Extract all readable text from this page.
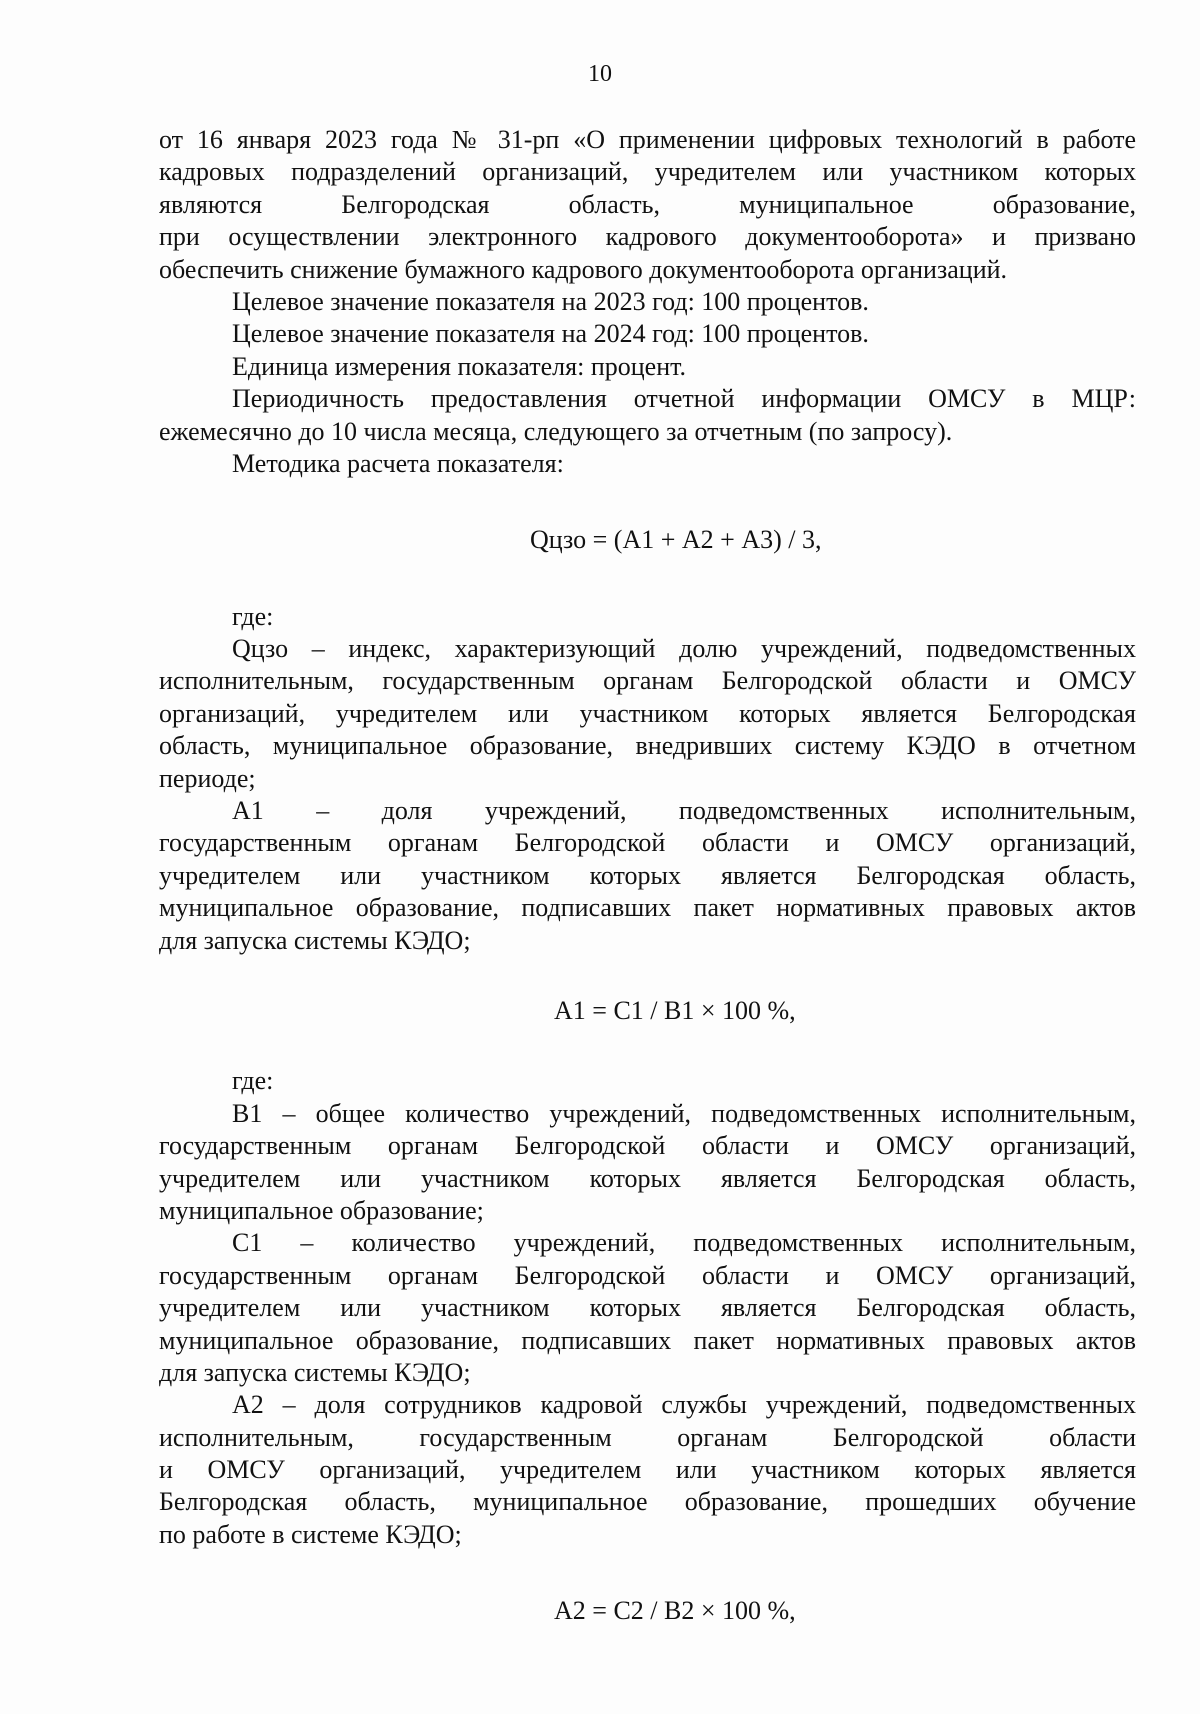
10
от 16 января 2023 года № 31-рп «О применении цифровых технологий в работе
кадровых подразделений организаций, учредителем или участником которых
являются Белгородская область, муниципальное образование,
при осуществлении электронного кадрового документооборота» и призвано
обеспечить снижение бумажного кадрового документооборота организаций.
Целевое значение показателя на 2023 год: 100 процентов.
Целевое значение показателя на 2024 год: 100 процентов.
Единица измерения показателя: процент.
Периодичность предоставления отчетной информации ОМСУ в МЦР:
ежемесячно до 10 числа месяца, следующего за отчетным (по запросу).
Методика расчета показателя:
Qцзо = (А1 + А2 + А3) / 3,
где:
Qцзо – индекс, характеризующий долю учреждений, подведомственных
исполнительным, государственным органам Белгородской области и ОМСУ
организаций, учредителем или участником которых является Белгородская
область, муниципальное образование, внедривших систему КЭДО в отчетном
периоде;
А1 – доля учреждений, подведомственных исполнительным,
государственным органам Белгородской области и ОМСУ организаций,
учредителем или участником которых является Белгородская область,
муниципальное образование, подписавших пакет нормативных правовых актов
для запуска системы КЭДО;
А1 = С1 / В1 × 100 %,
где:
В1 – общее количество учреждений, подведомственных исполнительным,
государственным органам Белгородской области и ОМСУ организаций,
учредителем или участником которых является Белгородская область,
муниципальное образование;
С1 – количество учреждений, подведомственных исполнительным,
государственным органам Белгородской области и ОМСУ организаций,
учредителем или участником которых является Белгородская область,
муниципальное образование, подписавших пакет нормативных правовых актов
для запуска системы КЭДО;
А2 – доля сотрудников кадровой службы учреждений, подведомственных
исполнительным, государственным органам Белгородской области
и ОМСУ организаций, учредителем или участником которых является
Белгородская область, муниципальное образование, прошедших обучение
по работе в системе КЭДО;
А2 = С2 / В2 × 100 %,
